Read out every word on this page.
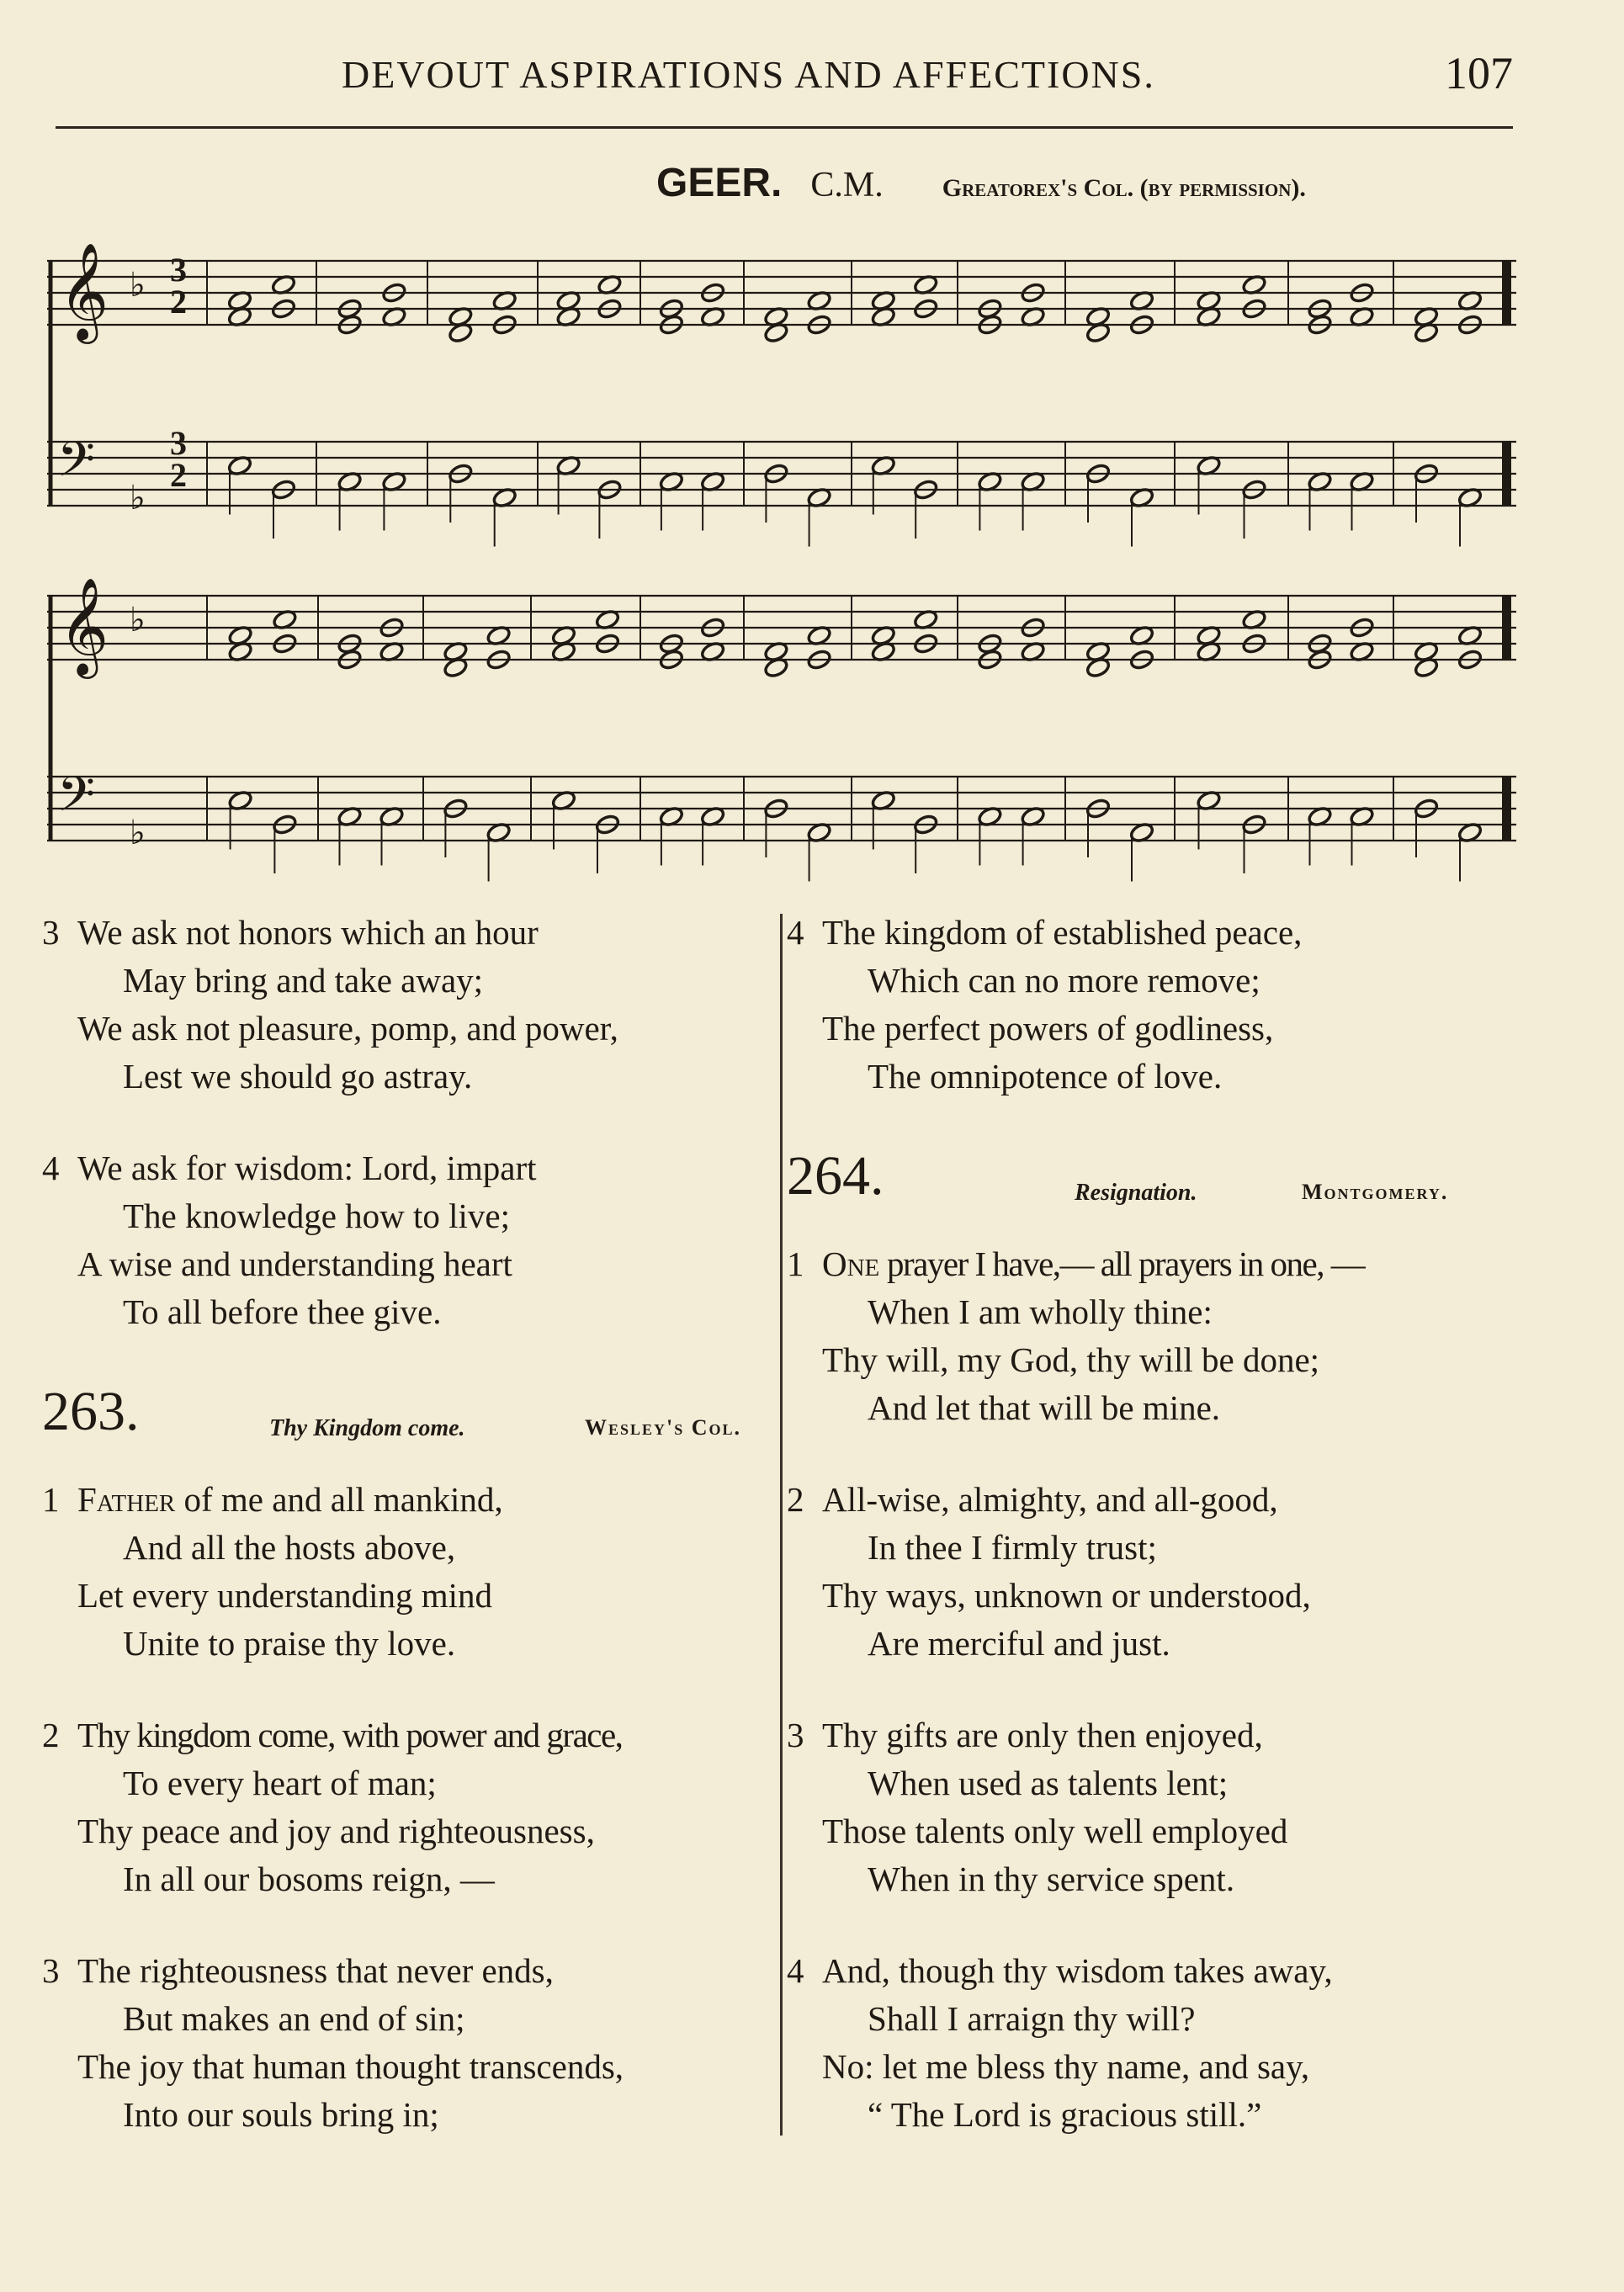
DEVOUT ASPIRATIONS AND AFFECTIONS.	107
GEER. C.M. Greatorex's Col. (by permission).
𝄞
𝄢
♭
♭
𝄞
𝄢
♭
♭
3
2
3
2
3 We ask not honors which an hour
May bring and take away;
We ask not pleasure, pomp, and power,
Lest we should go astray.
4 We ask for wisdom: Lord, impart
The knowledge how to live;
A wise and understanding heart
To all before thee give.
263.	Thy Kingdom come.	Wesley's Col.
1 Father of me and all mankind,
And all the hosts above,
Let every understanding mind
Unite to praise thy love.
2 Thy kingdom come, with power and grace,
To every heart of man;
Thy peace and joy and righteousness,
In all our bosoms reign, —
3 The righteousness that never ends,
But makes an end of sin;
The joy that human thought transcends,
Into our souls bring in;
4 The kingdom of established peace,
Which can no more remove;
The perfect powers of godliness,
The omnipotence of love.
264.	Resignation.	Montgomery.
1 One prayer I have,— all prayers in one, —
When I am wholly thine:
Thy will, my God, thy will be done;
And let that will be mine.
2 All-wise, almighty, and all-good,
In thee I firmly trust;
Thy ways, unknown or understood,
Are merciful and just.
3 Thy gifts are only then enjoyed,
When used as talents lent;
Those talents only well employed
When in thy service spent.
4 And, though thy wisdom takes away,
Shall I arraign thy will?
No: let me bless thy name, and say,
“ The Lord is gracious still.”
